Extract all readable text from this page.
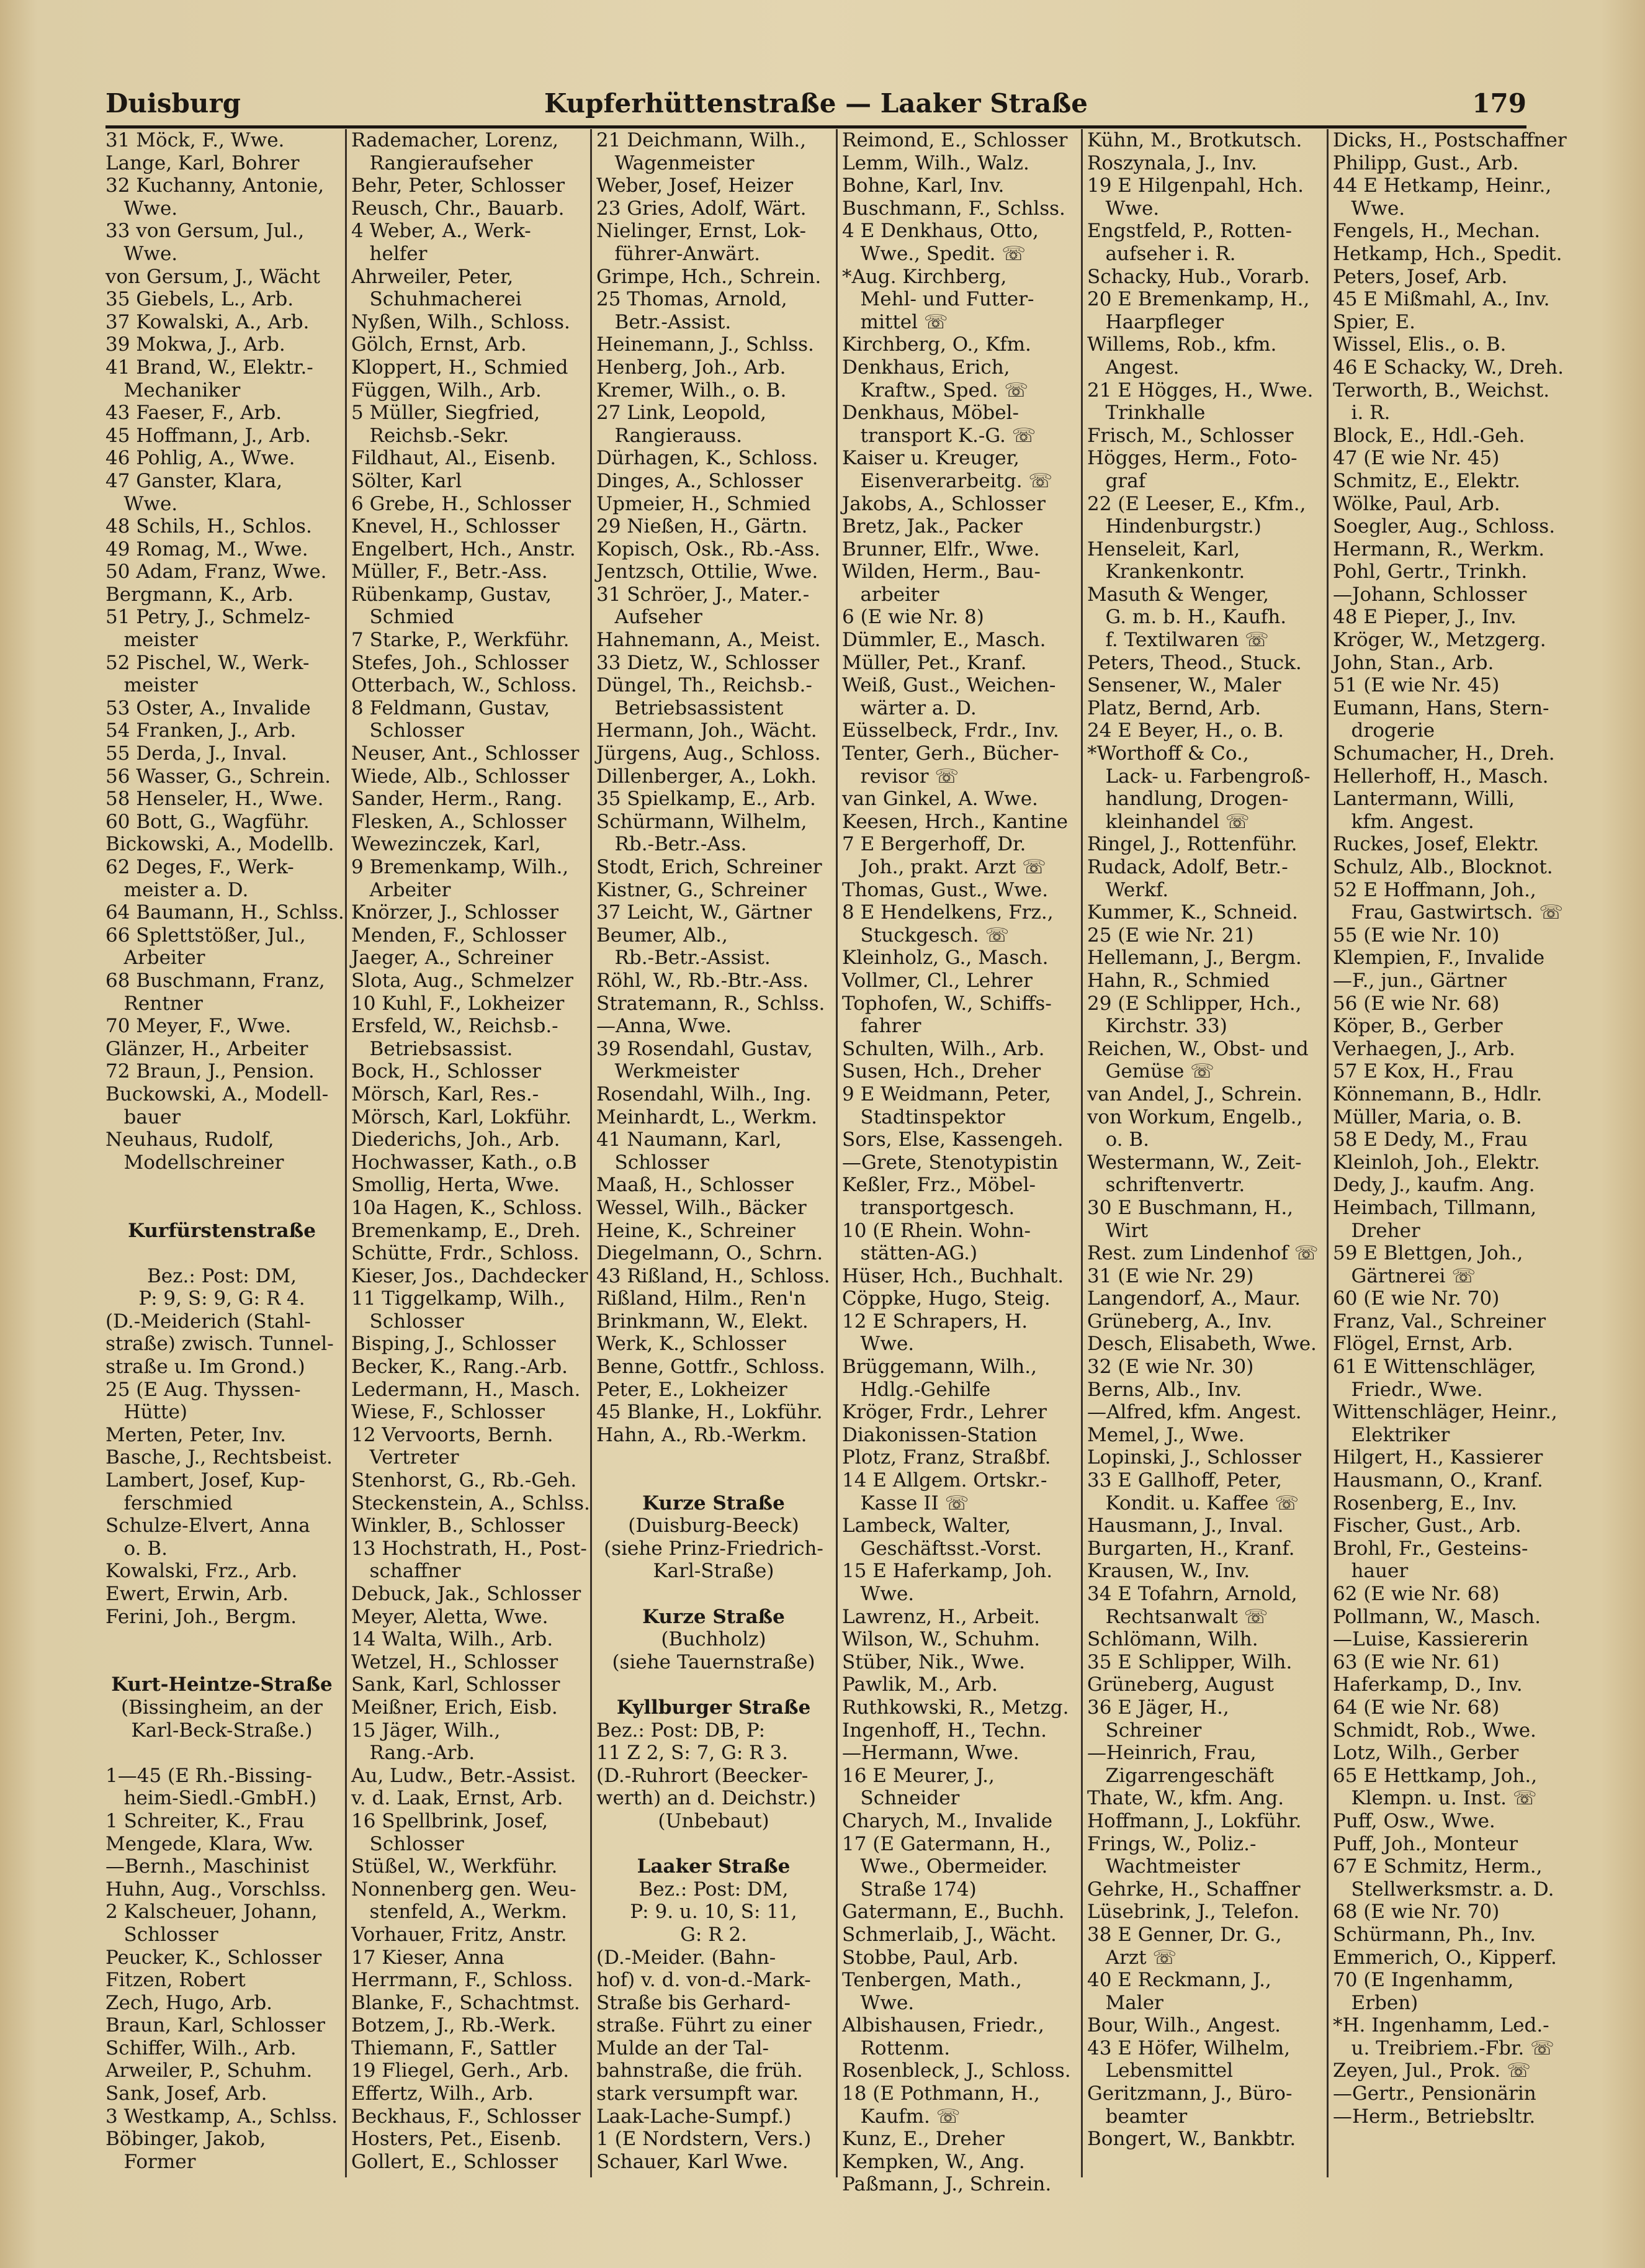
Duisburg	Kupferhüttenstraße — Laaker Straße	179
31 Möck, F., Wwe.
Lange, Karl, Bohrer
32 Kuchanny, Antonie,
Wwe.
33 von Gersum, Jul.,
Wwe.
von Gersum, J., Wächt
35 Giebels, L., Arb.
37 Kowalski, A., Arb.
39 Mokwa, J., Arb.
41 Brand, W., Elektr.-
Mechaniker
43 Faeser, F., Arb.
45 Hoffmann, J., Arb.
46 Pohlig, A., Wwe.
47 Ganster, Klara,
Wwe.
48 Schils, H., Schlos.
49 Romag, M., Wwe.
50 Adam, Franz, Wwe.
Bergmann, K., Arb.
51 Petry, J., Schmelz-
meister
52 Pischel, W., Werk-
meister
53 Oster, A., Invalide
54 Franken, J., Arb.
55 Derda, J., Inval.
56 Wasser, G., Schrein.
58 Henseler, H., Wwe.
60 Bott, G., Wagführ.
Bickowski, A., Modellb.
62 Deges, F., Werk-
meister a. D.
64 Baumann, H., Schlss.
66 Splettstößer, Jul.,
Arbeiter
68 Buschmann, Franz,
Rentner
70 Meyer, F., Wwe.
Glänzer, H., Arbeiter
72 Braun, J., Pension.
Buckowski, A., Modell-
bauer
Neuhaus, Rudolf,
Modellschreiner
Kurfürstenstraße
Bez.: Post: DM,
P: 9, S: 9, G: R 4.
(D.-Meiderich (Stahl-
straße) zwisch. Tunnel-
straße u. Im Grond.)
25 (E Aug. Thyssen-
Hütte)
Merten, Peter, Inv.
Basche, J., Rechtsbeist.
Lambert, Josef, Kup-
ferschmied
Schulze-Elvert, Anna
o. B.
Kowalski, Frz., Arb.
Ewert, Erwin, Arb.
Ferini, Joh., Bergm.
Kurt-Heintze-Straße
(Bissingheim, an der
Karl-Beck-Straße.)
1—45 (E Rh.-Bissing-
heim-Siedl.-GmbH.)
1 Schreiter, K., Frau
Mengede, Klara, Ww.
—Bernh., Maschinist
Huhn, Aug., Vorschlss.
2 Kalscheuer, Johann,
Schlosser
Peucker, K., Schlosser
Fitzen, Robert
Zech, Hugo, Arb.
Braun, Karl, Schlosser
Schiffer, Wilh., Arb.
Arweiler, P., Schuhm.
Sank, Josef, Arb.
3 Westkamp, A., Schlss.
Böbinger, Jakob,
Former
Rademacher, Lorenz,
Rangieraufseher
Behr, Peter, Schlosser
Reusch, Chr., Bauarb.
4 Weber, A., Werk-
helfer
Ahrweiler, Peter,
Schuhmacherei
Nyßen, Wilh., Schloss.
Gölch, Ernst, Arb.
Kloppert, H., Schmied
Függen, Wilh., Arb.
5 Müller, Siegfried,
Reichsb.-Sekr.
Fildhaut, Al., Eisenb.
Sölter, Karl
6 Grebe, H., Schlosser
Knevel, H., Schlosser
Engelbert, Hch., Anstr.
Müller, F., Betr.-Ass.
Rübenkamp, Gustav,
Schmied
7 Starke, P., Werkführ.
Stefes, Joh., Schlosser
Otterbach, W., Schloss.
8 Feldmann, Gustav,
Schlosser
Neuser, Ant., Schlosser
Wiede, Alb., Schlosser
Sander, Herm., Rang.
Flesken, A., Schlosser
Wewezinczek, Karl,
9 Bremenkamp, Wilh.,
Arbeiter
Knörzer, J., Schlosser
Menden, F., Schlosser
Jaeger, A., Schreiner
Slota, Aug., Schmelzer
10 Kuhl, F., Lokheizer
Ersfeld, W., Reichsb.-
Betriebsassist.
Bock, H., Schlosser
Mörsch, Karl, Res.-
Mörsch, Karl, Lokführ.
Diederichs, Joh., Arb.
Hochwasser, Kath., o.B
Smollig, Herta, Wwe.
10a Hagen, K., Schloss.
Bremenkamp, E., Dreh.
Schütte, Frdr., Schloss.
Kieser, Jos., Dachdecker
11 Tiggelkamp, Wilh.,
Schlosser
Bisping, J., Schlosser
Becker, K., Rang.-Arb.
Ledermann, H., Masch.
Wiese, F., Schlosser
12 Vervoorts, Bernh.
Vertreter
Stenhorst, G., Rb.-Geh.
Steckenstein, A., Schlss.
Winkler, B., Schlosser
13 Hochstrath, H., Post-
schaffner
Debuck, Jak., Schlosser
Meyer, Aletta, Wwe.
14 Walta, Wilh., Arb.
Wetzel, H., Schlosser
Sank, Karl, Schlosser
Meißner, Erich, Eisb.
15 Jäger, Wilh.,
Rang.-Arb.
Au, Ludw., Betr.-Assist.
v. d. Laak, Ernst, Arb.
16 Spellbrink, Josef,
Schlosser
Stüßel, W., Werkführ.
Nonnenberg gen. Weu-
stenfeld, A., Werkm.
Vorhauer, Fritz, Anstr.
17 Kieser, Anna
Herrmann, F., Schloss.
Blanke, F., Schachtmst.
Botzem, J., Rb.-Werk.
Thiemann, F., Sattler
19 Fliegel, Gerh., Arb.
Effertz, Wilh., Arb.
Beckhaus, F., Schlosser
Hosters, Pet., Eisenb.
Gollert, E., Schlosser
21 Deichmann, Wilh.,
Wagenmeister
Weber, Josef, Heizer
23 Gries, Adolf, Wärt.
Nielinger, Ernst, Lok-
führer-Anwärt.
Grimpe, Hch., Schrein.
25 Thomas, Arnold,
Betr.-Assist.
Heinemann, J., Schlss.
Henberg, Joh., Arb.
Kremer, Wilh., o. B.
27 Link, Leopold,
Rangierauss.
Dürhagen, K., Schloss.
Dinges, A., Schlosser
Upmeier, H., Schmied
29 Nießen, H., Gärtn.
Kopisch, Osk., Rb.-Ass.
Jentzsch, Ottilie, Wwe.
31 Schröer, J., Mater.-
Aufseher
Hahnemann, A., Meist.
33 Dietz, W., Schlosser
Düngel, Th., Reichsb.-
Betriebsassistent
Hermann, Joh., Wächt.
Jürgens, Aug., Schloss.
Dillenberger, A., Lokh.
35 Spielkamp, E., Arb.
Schürmann, Wilhelm,
Rb.-Betr.-Ass.
Stodt, Erich, Schreiner
Kistner, G., Schreiner
37 Leicht, W., Gärtner
Beumer, Alb.,
Rb.-Betr.-Assist.
Röhl, W., Rb.-Btr.-Ass.
Stratemann, R., Schlss.
—Anna, Wwe.
39 Rosendahl, Gustav,
Werkmeister
Rosendahl, Wilh., Ing.
Meinhardt, L., Werkm.
41 Naumann, Karl,
Schlosser
Maaß, H., Schlosser
Wessel, Wilh., Bäcker
Heine, K., Schreiner
Diegelmann, O., Schrn.
43 Rißland, H., Schloss.
Rißland, Hilm., Ren'n
Brinkmann, W., Elekt.
Werk, K., Schlosser
Benne, Gottfr., Schloss.
Peter, E., Lokheizer
45 Blanke, H., Lokführ.
Hahn, A., Rb.-Werkm.
Kurze Straße
(Duisburg-Beeck)
(siehe Prinz-Friedrich-
Karl-Straße)
Kurze Straße
(Buchholz)
(siehe Tauernstraße)
Kyllburger Straße
Bez.: Post: DB, P:
11 Z 2, S: 7, G: R 3.
(D.-Ruhrort (Beecker-
werth) an d. Deichstr.)
(Unbebaut)
Laaker Straße
Bez.: Post: DM,
P: 9. u. 10, S: 11,
G: R 2.
(D.-Meider. (Bahn-
hof) v. d. von-d.-Mark-
Straße bis Gerhard-
straße. Führt zu einer
Mulde an der Tal-
bahnstraße, die früh.
stark versumpft war.
Laak-Lache-Sumpf.)
1 (E Nordstern, Vers.)
Schauer, Karl Wwe.
Reimond, E., Schlosser
Lemm, Wilh., Walz.
Bohne, Karl, Inv.
Buschmann, F., Schlss.
4 E Denkhaus, Otto,
Wwe., Spedit. ☏
*Aug. Kirchberg,
Mehl- und Futter-
mittel ☏
Kirchberg, O., Kfm.
Denkhaus, Erich,
Kraftw., Sped. ☏
Denkhaus, Möbel-
transport K.-G. ☏
Kaiser u. Kreuger,
Eisenverarbeitg. ☏
Jakobs, A., Schlosser
Bretz, Jak., Packer
Brunner, Elfr., Wwe.
Wilden, Herm., Bau-
arbeiter
6 (E wie Nr. 8)
Dümmler, E., Masch.
Müller, Pet., Kranf.
Weiß, Gust., Weichen-
wärter a. D.
Eüsselbeck, Frdr., Inv.
Tenter, Gerh., Bücher-
revisor ☏
van Ginkel, A. Wwe.
Keesen, Hrch., Kantine
7 E Bergerhoff, Dr.
Joh., prakt. Arzt ☏
Thomas, Gust., Wwe.
8 E Hendelkens, Frz.,
Stuckgesch. ☏
Kleinholz, G., Masch.
Vollmer, Cl., Lehrer
Tophofen, W., Schiffs-
fahrer
Schulten, Wilh., Arb.
Susen, Hch., Dreher
9 E Weidmann, Peter,
Stadtinspektor
Sors, Else, Kassengeh.
—Grete, Stenotypistin
Keßler, Frz., Möbel-
transportgesch.
10 (E Rhein. Wohn-
stätten-AG.)
Hüser, Hch., Buchhalt.
Cöppke, Hugo, Steig.
12 E Schrapers, H.
Wwe.
Brüggemann, Wilh.,
Hdlg.-Gehilfe
Kröger, Frdr., Lehrer
Diakonissen-Station
Plotz, Franz, Straßbf.
14 E Allgem. Ortskr.-
Kasse II ☏
Lambeck, Walter,
Geschäftsst.-Vorst.
15 E Haferkamp, Joh.
Wwe.
Lawrenz, H., Arbeit.
Wilson, W., Schuhm.
Stüber, Nik., Wwe.
Pawlik, M., Arb.
Ruthkowski, R., Metzg.
Ingenhoff, H., Techn.
—Hermann, Wwe.
16 E Meurer, J.,
Schneider
Charych, M., Invalide
17 (E Gatermann, H.,
Wwe., Obermeider.
Straße 174)
Gatermann, E., Buchh.
Schmerlaib, J., Wächt.
Stobbe, Paul, Arb.
Tenbergen, Math.,
Wwe.
Albishausen, Friedr.,
Rottenm.
Rosenbleck, J., Schloss.
18 (E Pothmann, H.,
Kaufm. ☏
Kunz, E., Dreher
Kempken, W., Ang.
Paßmann, J., Schrein.
Kühn, M., Brotkutsch.
Roszynala, J., Inv.
19 E Hilgenpahl, Hch.
Wwe.
Engstfeld, P., Rotten-
aufseher i. R.
Schacky, Hub., Vorarb.
20 E Bremenkamp, H.,
Haarpfleger
Willems, Rob., kfm.
Angest.
21 E Högges, H., Wwe.
Trinkhalle
Frisch, M., Schlosser
Högges, Herm., Foto-
graf
22 (E Leeser, E., Kfm.,
Hindenburgstr.)
Henseleit, Karl,
Krankenkontr.
Masuth & Wenger,
G. m. b. H., Kaufh.
f. Textilwaren ☏
Peters, Theod., Stuck.
Sensener, W., Maler
Platz, Bernd, Arb.
24 E Beyer, H., o. B.
*Worthoff & Co.,
Lack- u. Farbengroß-
handlung, Drogen-
kleinhandel ☏
Ringel, J., Rottenführ.
Rudack, Adolf, Betr.-
Werkf.
Kummer, K., Schneid.
25 (E wie Nr. 21)
Hellemann, J., Bergm.
Hahn, R., Schmied
29 (E Schlipper, Hch.,
Kirchstr. 33)
Reichen, W., Obst- und
Gemüse ☏
van Andel, J., Schrein.
von Workum, Engelb.,
o. B.
Westermann, W., Zeit-
schriftenvertr.
30 E Buschmann, H.,
Wirt
Rest. zum Lindenhof ☏
31 (E wie Nr. 29)
Langendorf, A., Maur.
Grüneberg, A., Inv.
Desch, Elisabeth, Wwe.
32 (E wie Nr. 30)
Berns, Alb., Inv.
—Alfred, kfm. Angest.
Memel, J., Wwe.
Lopinski, J., Schlosser
33 E Gallhoff, Peter,
Kondit. u. Kaffee ☏
Hausmann, J., Inval.
Burgarten, H., Kranf.
Krausen, W., Inv.
34 E Tofahrn, Arnold,
Rechtsanwalt ☏
Schlömann, Wilh.
35 E Schlipper, Wilh.
Grüneberg, August
36 E Jäger, H.,
Schreiner
—Heinrich, Frau,
Zigarrengeschäft
Thate, W., kfm. Ang.
Hoffmann, J., Lokführ.
Frings, W., Poliz.-
Wachtmeister
Gehrke, H., Schaffner
Lüsebrink, J., Telefon.
38 E Genner, Dr. G.,
Arzt ☏
40 E Reckmann, J.,
Maler
Bour, Wilh., Angest.
43 E Höfer, Wilhelm,
Lebensmittel
Geritzmann, J., Büro-
beamter
Bongert, W., Bankbtr.
Dicks, H., Postschaffner
Philipp, Gust., Arb.
44 E Hetkamp, Heinr.,
Wwe.
Fengels, H., Mechan.
Hetkamp, Hch., Spedit.
Peters, Josef, Arb.
45 E Mißmahl, A., Inv.
Spier, E.
Wissel, Elis., o. B.
46 E Schacky, W., Dreh.
Terworth, B., Weichst.
i. R.
Block, E., Hdl.-Geh.
47 (E wie Nr. 45)
Schmitz, E., Elektr.
Wölke, Paul, Arb.
Soegler, Aug., Schloss.
Hermann, R., Werkm.
Pohl, Gertr., Trinkh.
—Johann, Schlosser
48 E Pieper, J., Inv.
Kröger, W., Metzgerg.
John, Stan., Arb.
51 (E wie Nr. 45)
Eumann, Hans, Stern-
drogerie
Schumacher, H., Dreh.
Hellerhoff, H., Masch.
Lantermann, Willi,
kfm. Angest.
Ruckes, Josef, Elektr.
Schulz, Alb., Blocknot.
52 E Hoffmann, Joh.,
Frau, Gastwirtsch. ☏
55 (E wie Nr. 10)
Klempien, F., Invalide
—F., jun., Gärtner
56 (E wie Nr. 68)
Köper, B., Gerber
Verhaegen, J., Arb.
57 E Kox, H., Frau
Könnemann, B., Hdlr.
Müller, Maria, o. B.
58 E Dedy, M., Frau
Kleinloh, Joh., Elektr.
Dedy, J., kaufm. Ang.
Heimbach, Tillmann,
Dreher
59 E Blettgen, Joh.,
Gärtnerei ☏
60 (E wie Nr. 70)
Franz, Val., Schreiner
Flögel, Ernst, Arb.
61 E Wittenschläger,
Friedr., Wwe.
Wittenschläger, Heinr.,
Elektriker
Hilgert, H., Kassierer
Hausmann, O., Kranf.
Rosenberg, E., Inv.
Fischer, Gust., Arb.
Brohl, Fr., Gesteins-
hauer
62 (E wie Nr. 68)
Pollmann, W., Masch.
—Luise, Kassiererin
63 (E wie Nr. 61)
Haferkamp, D., Inv.
64 (E wie Nr. 68)
Schmidt, Rob., Wwe.
Lotz, Wilh., Gerber
65 E Hettkamp, Joh.,
Klempn. u. Inst. ☏
Puff, Osw., Wwe.
Puff, Joh., Monteur
67 E Schmitz, Herm.,
Stellwerksmstr. a. D.
68 (E wie Nr. 70)
Schürmann, Ph., Inv.
Emmerich, O., Kipperf.
70 (E Ingenhamm,
Erben)
*H. Ingenhamm, Led.-
u. Treibriem.-Fbr. ☏
Zeyen, Jul., Prok. ☏
—Gertr., Pensionärin
—Herm., Betriebsltr.
